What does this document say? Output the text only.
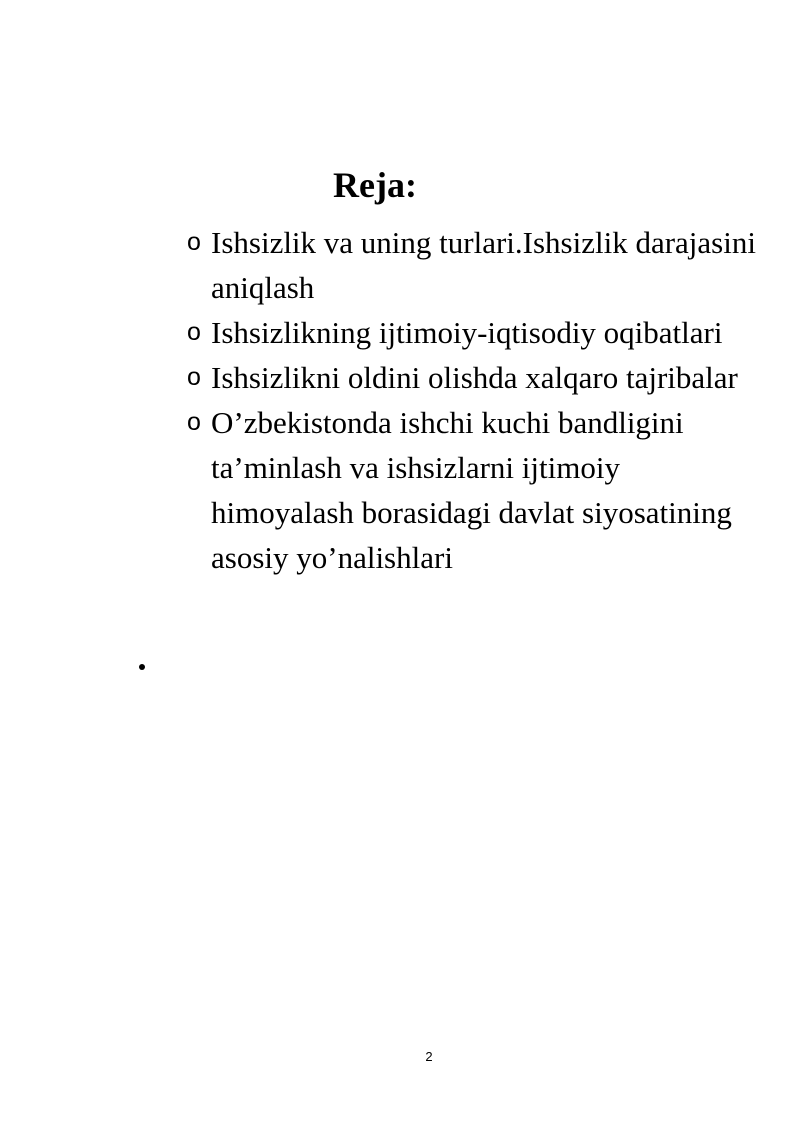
Reja:
o Ishsizlik va uning turlari.Ishsizlik darajasini aniqlash
o Ishsizlikning ijtimoiy-iqtisodiy oqibatlari
o Ishsizlikni oldini olishda xalqaro tajribalar
o O’zbekistonda ishchi kuchi bandligini ta’minlash va ishsizlarni ijtimoiy himoyalash borasidagi davlat siyosatining asosiy yo’nalishlari
2
